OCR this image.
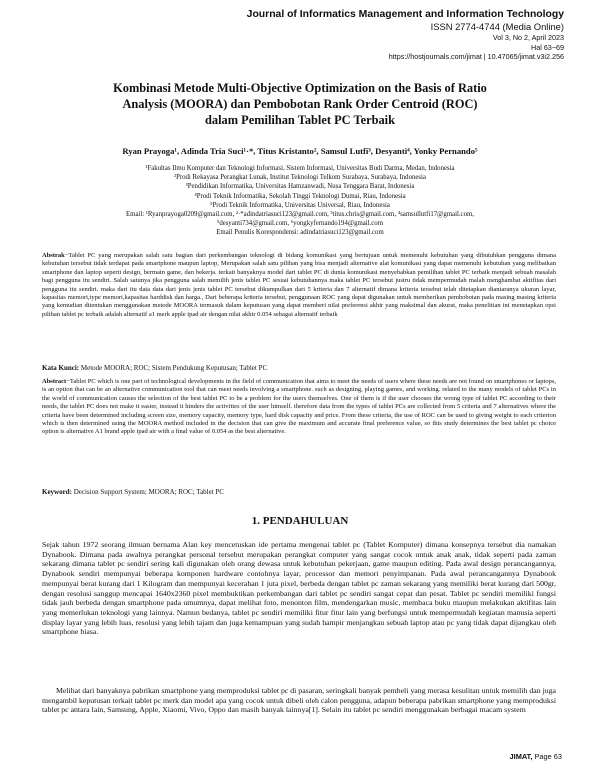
Journal of Informatics Management and Information Technology
ISSN 2774-4744 (Media Online)
Vol 3, No 2, April 2023
Hal 63−69
https://hostjournals.com/jimat | 10.47065/jimat.v3i2.256
Kombinasi Metode Multi-Objective Optimization on the Basis of Ratio
Analysis (MOORA) dan Pembobotan Rank Order Centroid (ROC)
dalam Pemilihan Tablet PC Terbaik
Ryan Prayoga¹, Adinda Tria Suci¹·*, Titus Kristanto², Samsul Lutfi³, Desyanti⁴, Yonky Pernando⁵
¹Fakultas Ilmu Komputer dan Teknologi Informasi, Sistem Informasi, Universitas Budi Darma, Medan, Indonesia
²Prodi Rekayasa Perangkat Lunak, Institut Teknologi Telkom Surabaya, Surabaya, Indonesia
³Pendidikan Informatika, Universitas Hamzanwadi, Nusa Tenggara Barat, Indonesia
⁴Prodi Teknik Informatika, Sekolah Tinggi Teknologi Dumai, Riau, Indonesia
⁵Prodi Teknik Informatika, Universitas Universal, Riau, Indonesia
Email: ¹Ryanprayoga0209@gmail.com, ²·*adindatriasuci123@gmail.com, ³titus.chris@gmail.com, ⁴samsullutfi17@gmail.com,
⁵desyanti734@gmail.com, ⁶yongkyfernando194@gmail.com
Email Penulis Korespondensi: adindatriasuci123@gmail.com
Abstrak−Tablet PC yang merupakan salah satu bagian dari perkembangan teknologi di bidang komunikasi yang bertujuan untuk memenuhi kebutuhan yang dibutuhkan pengguna dimana kebutuhan tersebut tidak terdapat pada smartphone maupun laptop, Merupakan salah satu pilihan yang bisa menjadi alternative alat komunikasi yang dapat memenuhi kebutuhan yang melibatkan smartphone dan laptop seperti design, bermain game, dan bekerja. terkait banyaknya model dari tablet PC di dunia komunikasi menyebabkan pemilihan tablet PC terbaik menjadi sebuah masalah bagi pengguna itu sendiri. Salah satunya jika pengguna salah memilih jenis tablet PC sesuai kebutuhannya maka tablet PC tersebut justru tidak mempermudah malah menghambat aktifitas dari pengguna itu sendiri. maka dari itu data data dari jenis jenis tablet PC tersebut dikumpulkan dari 5 kriteria dan 7 alternatif dimana kriteria tersebut telah ditetapkan diantaranya ukuran layar, kapasitas memori,type memori,kapasitas harddisk dan harga., Dari beberapa kriteria tersebut, penggunaan ROC yang dapat digunakan untuk memberikan pembobotan pada masing masing kriteria yang kemudian ditentukan menggunakan metode MOORA termasuk dalam keputusan yang dapat memberi nilai preferensi akhir yang maksimal dan akurat, maka penelitian ini menetapkan opsi pilihan tablet pc terbaik adalah alternatif a1 merk apple ipad air dengan nilai akhir 0.054 sebagai alternatif terbaik
Kata Kunci: Metode MOORA; ROC; Sistem Pendukung Keputusan; Tablet PC
Abstract−Tablet PC which is one part of technological developments in the field of communication that aims to meet the needs of users where these needs are not found on smartphones or laptops, is an option that can be an alternative communication tool that can meet needs involving a smartphone. such as designing, playing games, and working. related to the many models of tablet PCs in the world of communication causes the selection of the best tablet PC to be a problem for the users themselves. One of them is if the user chooses the wrong type of tablet PC according to their needs, the tablet PC does not make it easier, instead it hinders the activities of the user himself. therefore data from the types of tablet PCs are collected from 5 criteria and 7 alternatives where the criteria have been determined including screen size, memory capacity, memory type, hard disk capacity and price. From these criteria, the use of ROC can be used to giving weight to each criterion which is then determined using the MOORA method included in the decision that can give the maximum and accurate final preference value, so this study determines the best tablet pc choice option is alternative A1 brand apple ipad air with a final value of 0.054 as the best alternative.
Keyword: Decision Support System; MOORA; ROC; Tablet PC
1. PENDAHULUAN
Sejak tahun 1972 seorang ilmuan bernama Alan key mencetuskan ide pertama mengenai tablet pc (Tablet Komputer) dimana konsepnya tersebut dia namakan Dynabook. Dimana pada awalnya perangkat personal tersebut merupakan perangkat computer yang sangat cocok untuk anak anak, tidak seperti pada zaman sekarang dimana tablet pc sendiri sering kali digunakan oleh orang dewasa untuk kebutuhan pekerjaan, game maupun editing. Pada awal design perancangannya, Dynabook sendiri mempunyai beberapa komponen hardware contohnya layar, processor dan memori penyimpanan. Pada awal perancangannya Dynabook mempunyai berat kurang dari 1 Kilogram dan mempunyai kecerahan 1 juta pixel, berbeda dengan tablet pc zaman sekarang yang memiliki berat kurang dari 500gr, dengan resolusi sanggup mencapai 1640x2360 pixel membuktikan perkembangan dari tablet pc sendiri sangat cepat dan pesat. Tablet pc sendiri memiliki fungsi tidak jauh berbeda dengan smartphone pada umumnya, dapat melihat foto, menonton film, mendengarkan music, membaca buku maupun melakukan aktifitas lain yang memerlukan teknologi yang lainnya. Namun bedanya, tablet pc sendiri memiliki fitur fitur lain yang berfungsi untuk mempermudah kegiatan manusia seperti display layar yang lebih luas, resolusi yang lebih tajam dan juga kemampuan yang sudah hampir menjangkau sebuah laptop atau pc yang tidak dapat dijangkau oleh smartphone biasa.
Melihat dari banyaknya pabrikan smartphone yang memproduksi tablet pc di pasaran, seringkali banyak pembeli yang merasa kesulitan untuk memilih dan juga mengambil keputusan terkait tablet pc merk dan model apa yang cocok untuk dibeli oleh calon pengguna, adapun beberapa pabrikan smartphone yang memproduksi tablet pc antara lain, Samsung, Apple, Xiaomi, Vivo, Oppo dan masih banyak lainnya[1]. Selain itu tablet pc sendiri menggunakan berbagai macam system
JIMAT, Page 63
